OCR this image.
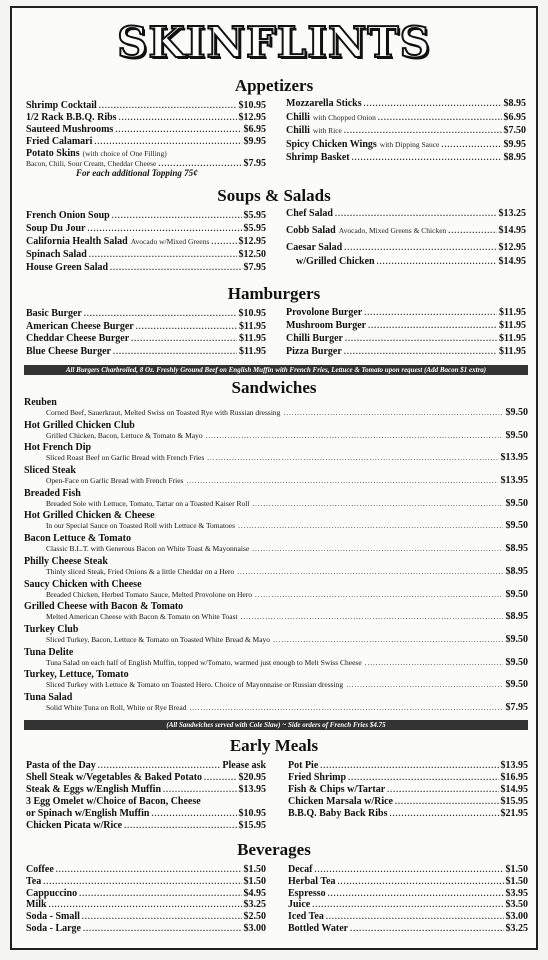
SKINFLINTS
Appetizers
Soups & Salads
Hamburgers
Sandwiches
Early Meals
Beverages
Shrimp Cocktail .....	$10.95
1/2 Rack B.B.Q. Ribs .....	$12.95
Sauteed Mushrooms .....	$6.95
Fried Calamari .....	$9.95
Potato Skins (with choice of One Filling)
Mozzarella Sticks .....	$8.95
Chilli with Chopped Onion .....	$6.95
Chilli with Rice .....	$7.50
Spicy Chicken Wings with Dipping Sauce .....	$9.95
Shrimp Basket .....	$8.95
Bacon, Chili, Sour Cream, Cheddar Cheese .....	$7.95
For each additional Topping 75¢
French Onion Soup .....	$5.95
Soup Du Jour .....	$5.95
California Health Salad Avocado w/Mixed Greens .....	$12.95
Spinach Salad .....	$12.50
House Green Salad .....	$7.95
Chef Salad .....	$13.25
Cobb Salad Avocado, Mixed Greens & Chicken .....	$14.95
Caesar Salad .....	$12.95
w/Grilled Chicken .....	$14.95
Basic Burger .....	$10.95
American Cheese Burger .....	$11.95
Cheddar Cheese Burger .....	$11.95
Blue Cheese Burger .....	$11.95
Provolone Burger .....	$11.95
Mushroom Burger .....	$11.95
Chilli Burger .....	$11.95
Pizza Burger .....	$11.95
All Burgers Charbroiled, 8 Oz. Freshly Ground Beef on English Muffin with French Fries, Lettuce & Tomato upon request (Add Bacon $1 extra)
Reuben
Corned Beef, Sauerkraut, Melted Swiss on Toasted Rye with Russian dressing .....	$9.50
Hot Grilled Chicken Club
Grilled Chicken, Bacon, Lettuce & Tomato & Mayo .....	$9.50
Hot French Dip
Sliced Roast Beef on Garlic Bread with French Fries .....	$13.95
Sliced Steak
Open-Face on Garlic Bread with French Fries .....	$13.95
Breaded Fish
Breaded Sole with Lettuce, Tomato, Tartar on a Toasted Kaiser Roll .....	$9.50
Hot Grilled Chicken & Cheese
In our Special Sauce on Toasted Roll with Lettuce & Tomatoes .....	$9.50
Bacon Lettuce & Tomato
Classic B.L.T. with Generous Bacon on White Toast & Mayonnaise .....	$8.95
Philly Cheese Steak
Thinly sliced Steak, Fried Onions & a little Cheddar on a Hero .....	$8.95
Saucy Chicken with Cheese
Breaded Chicken, Herbed Tomato Sauce, Melted Provolone on Hero .....	$9.50
Grilled Cheese with Bacon & Tomato
Melted American Cheese with Bacon & Tomato on White Toast .....	$8.95
Turkey Club
Sliced Turkey, Bacon, Lettuce & Tomato on Toasted White Bread & Mayo .....	$9.50
Tuna Delite
Tuna Salad on each half of English Muffin, topped w/Tomato, warmed just enough to Melt Swiss Cheese .....	$9.50
Turkey, Lettuce, Tomato
Sliced Turkey with Lettuce & Tomato on Toasted Hero. Choice of Mayonnaise or Russian dressing .....	$9.50
Tuna Salad
Solid White Tuna on Roll, White or Rye Bread .....	$7.95
(All Sandwiches served with Cole Slaw) ~ Side orders of French Fries $4.75
Pasta of the Day .....	Please ask
Shell Steak w/Vegetables & Baked Potato .....	$20.95
Steak & Eggs w/English Muffin .....	$13.95
3 Egg Omelet w/Choice of Bacon, Cheese
or Spinach w/English Muffin .....	$10.95
Chicken Picata w/Rice .....	$15.95
Pot Pie .....	$13.95
Fried Shrimp .....	$16.95
Fish & Chips w/Tartar .....	$14.95
Chicken Marsala w/Rice .....	$15.95
B.B.Q. Baby Back Ribs .....	$21.95
Coffee .....	$1.50
Tea .....	$1.50
Cappuccino .....	$4.95
Milk .....	$3.25
Soda - Small .....	$2.50
Soda - Large .....	$3.00
Decaf .....	$1.50
Herbal Tea .....	$1.50
Espresso .....	$3.95
Juice .....	$3.50
Iced Tea .....	$3.00
Bottled Water .....	$3.25
